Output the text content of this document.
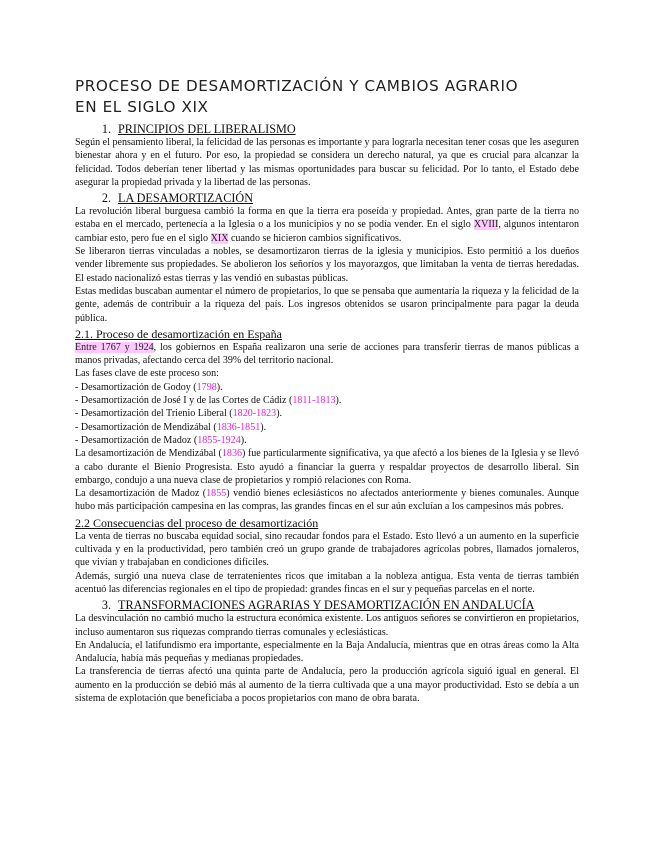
PROCESO DE DESAMORTIZACIÓN Y CAMBIOS AGRARIO
EN EL SIGLO XIX
1. PRINCIPIOS DEL LIBERALISMO

Según el pensamiento liberal, la felicidad de las personas es importante y para lograrla necesitan tener cosas que les aseguren bienestar ahora y en el futuro. Por eso, la propiedad se considera un derecho natural, ya que es crucial para alcanzar la felicidad. Todos deberían tener libertad y las mismas oportunidades para buscar su felicidad. Por lo tanto, el Estado debe asegurar la propiedad privada y la libertad de las personas.

2. LA DESAMORTIZACIÓN

La revolución liberal burguesa cambió la forma en que la tierra era poseída y propiedad. Antes, gran parte de la tierra no estaba en el mercado, pertenecía a la Iglesia o a los municipios y no se podía vender. En el siglo XVIII, algunos intentaron cambiar esto, pero fue en el siglo XIX cuando se hicieron cambios significativos.

Se liberaron tierras vinculadas a nobles, se desamortizaron tierras de la iglesia y municipios. Esto permitió a los dueños vender libremente sus propiedades. Se abolieron los señoríos y los mayorazgos, que limitaban la venta de tierras heredadas. El estado nacionalizó estas tierras y las vendió en subastas públicas.

Estas medidas buscaban aumentar el número de propietarios, lo que se pensaba que aumentaría la riqueza y la felicidad de la gente, además de contribuir a la riqueza del país. Los ingresos obtenidos se usaron principalmente para pagar la deuda pública.

2.1. Proceso de desamortización en España

Entre 1767 y 1924, los gobiernos en España realizaron una serie de acciones para transferir tierras de manos públicas a manos privadas, afectando cerca del 39% del territorio nacional.

Las fases clave de este proceso son:

- Desamortización de Godoy (1798).
- Desamortización de José I y de las Cortes de Cádiz (1811-1813).
- Desamortización del Trienio Liberal (1820-1823).
- Desamortización de Mendizábal (1836-1851).
- Desamortización de Madoz (1855-1924).

La desamortización de Mendizábal (1836) fue particularmente significativa, ya que afectó a los bienes de la Iglesia y se llevó a cabo durante el Bienio Progresista. Esto ayudó a financiar la guerra y respaldar proyectos de desarrollo liberal. Sin embargo, condujo a una nueva clase de propietarios y rompió relaciones con Roma.

La desamortización de Madoz (1855) vendió bienes eclesiásticos no afectados anteriormente y bienes comunales. Aunque hubo más participación campesina en las compras, las grandes fincas en el sur aún excluían a los campesinos más pobres.

2.2 Consecuencias del proceso de desamortización

La venta de tierras no buscaba equidad social, sino recaudar fondos para el Estado. Esto llevó a un aumento en la superficie cultivada y en la productividad, pero también creó un grupo grande de trabajadores agrícolas pobres, llamados jornaleros, que vivían y trabajaban en condiciones difíciles.

Además, surgió una nueva clase de terratenientes ricos que imitaban a la nobleza antigua. Esta venta de tierras también acentuó las diferencias regionales en el tipo de propiedad: grandes fincas en el sur y pequeñas parcelas en el norte.

3. TRANSFORMACIONES AGRARIAS Y DESAMORTIZACIÓN EN ANDALUCÍA

La desvinculación no cambió mucho la estructura económica existente. Los antiguos señores se convirtieron en propietarios, incluso aumentaron sus riquezas comprando tierras comunales y eclesiásticas.

En Andalucía, el latifundismo era importante, especialmente en la Baja Andalucía, mientras que en otras áreas como la Alta Andalucía, había más pequeñas y medianas propiedades.

La transferencia de tierras afectó una quinta parte de Andalucía, pero la producción agrícola siguió igual en general. El aumento en la producción se debió más al aumento de la tierra cultivada que a una mayor productividad. Esto se debía a un sistema de explotación que beneficiaba a pocos propietarios con mano de obra barata.
